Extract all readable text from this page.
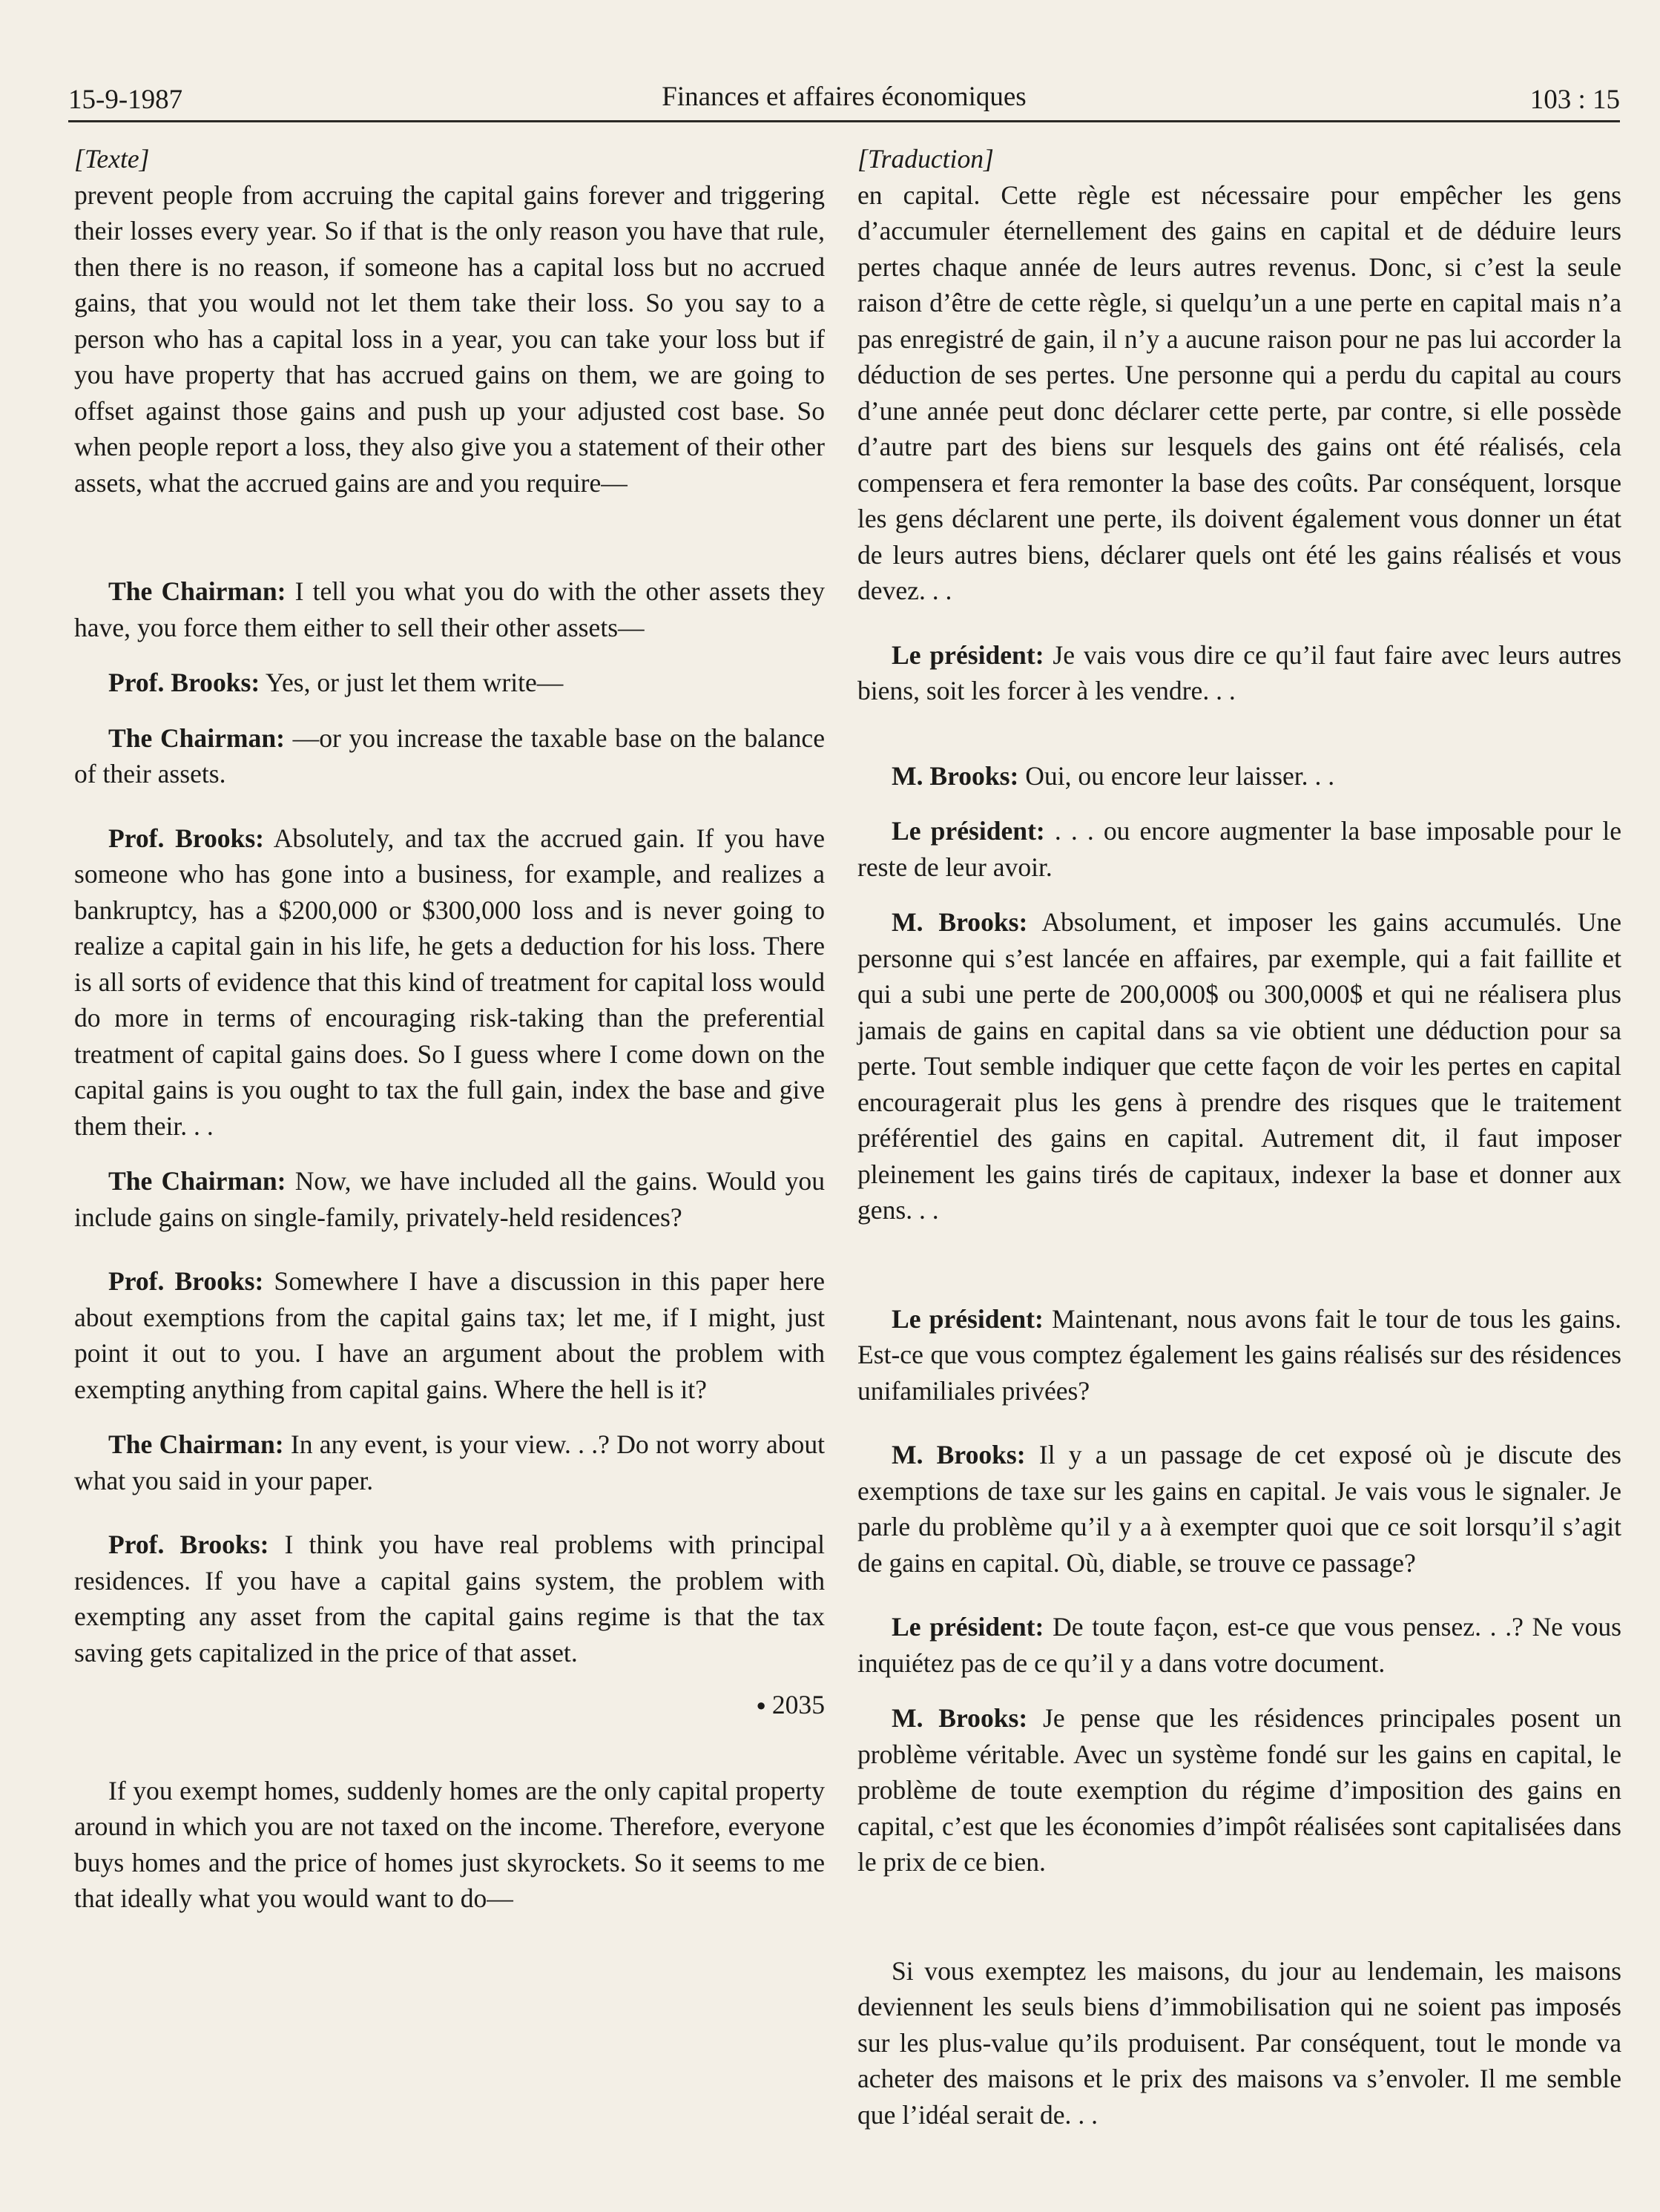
15-9-1987	Finances et affaires économiques	103 : 15

[Texte]

prevent people from accruing the capital gains forever and triggering their losses every year. So if that is the only reason you have that rule, then there is no reason, if someone has a capital loss but no accrued gains, that you would not let them take their loss. So you say to a person who has a capital loss in a year, you can take your loss but if you have property that has accrued gains on them, we are going to offset against those gains and push up your adjusted cost base. So when people report a loss, they also give you a statement of their other assets, what the accrued gains are and you require—

The Chairman: I tell you what you do with the other assets they have, you force them either to sell their other assets—

Prof. Brooks: Yes, or just let them write—

The Chairman: —or you increase the taxable base on the balance of their assets.

Prof. Brooks: Absolutely, and tax the accrued gain. If you have someone who has gone into a business, for example, and realizes a bankruptcy, has a $200,000 or $300,000 loss and is never going to realize a capital gain in his life, he gets a deduction for his loss. There is all sorts of evidence that this kind of treatment for capital loss would do more in terms of encouraging risk-taking than the preferential treatment of capital gains does. So I guess where I come down on the capital gains is you ought to tax the full gain, index the base and give them their. . .

The Chairman: Now, we have included all the gains. Would you include gains on single-family, privately-held residences?

Prof. Brooks: Somewhere I have a discussion in this paper here about exemptions from the capital gains tax; let me, if I might, just point it out to you. I have an argument about the problem with exempting anything from capital gains. Where the hell is it?

The Chairman: In any event, is your view. . .? Do not worry about what you said in your paper.

Prof. Brooks: I think you have real problems with principal residences. If you have a capital gains system, the problem with exempting any asset from the capital gains regime is that the tax saving gets capitalized in the price of that asset.

● 2035

If you exempt homes, suddenly homes are the only capital property around in which you are not taxed on the income. Therefore, everyone buys homes and the price of homes just skyrockets. So it seems to me that ideally what you would want to do—

[Traduction]

en capital. Cette règle est nécessaire pour empêcher les gens d’accumuler éternellement des gains en capital et de déduire leurs pertes chaque année de leurs autres revenus. Donc, si c’est la seule raison d’être de cette règle, si quelqu’un a une perte en capital mais n’a pas enregistré de gain, il n’y a aucune raison pour ne pas lui accorder la déduction de ses pertes. Une personne qui a perdu du capital au cours d’une année peut donc déclarer cette perte, par contre, si elle possède d’autre part des biens sur lesquels des gains ont été réalisés, cela compensera et fera remonter la base des coûts. Par conséquent, lorsque les gens déclarent une perte, ils doivent également vous donner un état de leurs autres biens, déclarer quels ont été les gains réalisés et vous devez. . .

Le président: Je vais vous dire ce qu’il faut faire avec leurs autres biens, soit les forcer à les vendre. . .

M. Brooks: Oui, ou encore leur laisser. . .

Le président: . . . ou encore augmenter la base imposable pour le reste de leur avoir.

M. Brooks: Absolument, et imposer les gains accumulés. Une personne qui s’est lancée en affaires, par exemple, qui a fait faillite et qui a subi une perte de 200,000$ ou 300,000$ et qui ne réalisera plus jamais de gains en capital dans sa vie obtient une déduction pour sa perte. Tout semble indiquer que cette façon de voir les pertes en capital encouragerait plus les gens à prendre des risques que le traitement préférentiel des gains en capital. Autrement dit, il faut imposer pleinement les gains tirés de capitaux, indexer la base et donner aux gens. . .

Le président: Maintenant, nous avons fait le tour de tous les gains. Est-ce que vous comptez également les gains réalisés sur des résidences unifamiliales privées?

M. Brooks: Il y a un passage de cet exposé où je discute des exemptions de taxe sur les gains en capital. Je vais vous le signaler. Je parle du problème qu’il y a à exempter quoi que ce soit lorsqu’il s’agit de gains en capital. Où, diable, se trouve ce passage?

Le président: De toute façon, est-ce que vous pensez. . .? Ne vous inquiétez pas de ce qu’il y a dans votre document.

M. Brooks: Je pense que les résidences principales posent un problème véritable. Avec un système fondé sur les gains en capital, le problème de toute exemption du régime d’imposition des gains en capital, c’est que les économies d’impôt réalisées sont capitalisées dans le prix de ce bien.

Si vous exemptez les maisons, du jour au lendemain, les maisons deviennent les seuls biens d’immobilisation qui ne soient pas imposés sur les plus-value qu’ils produisent. Par conséquent, tout le monde va acheter des maisons et le prix des maisons va s’envoler. Il me semble que l’idéal serait de. . .
